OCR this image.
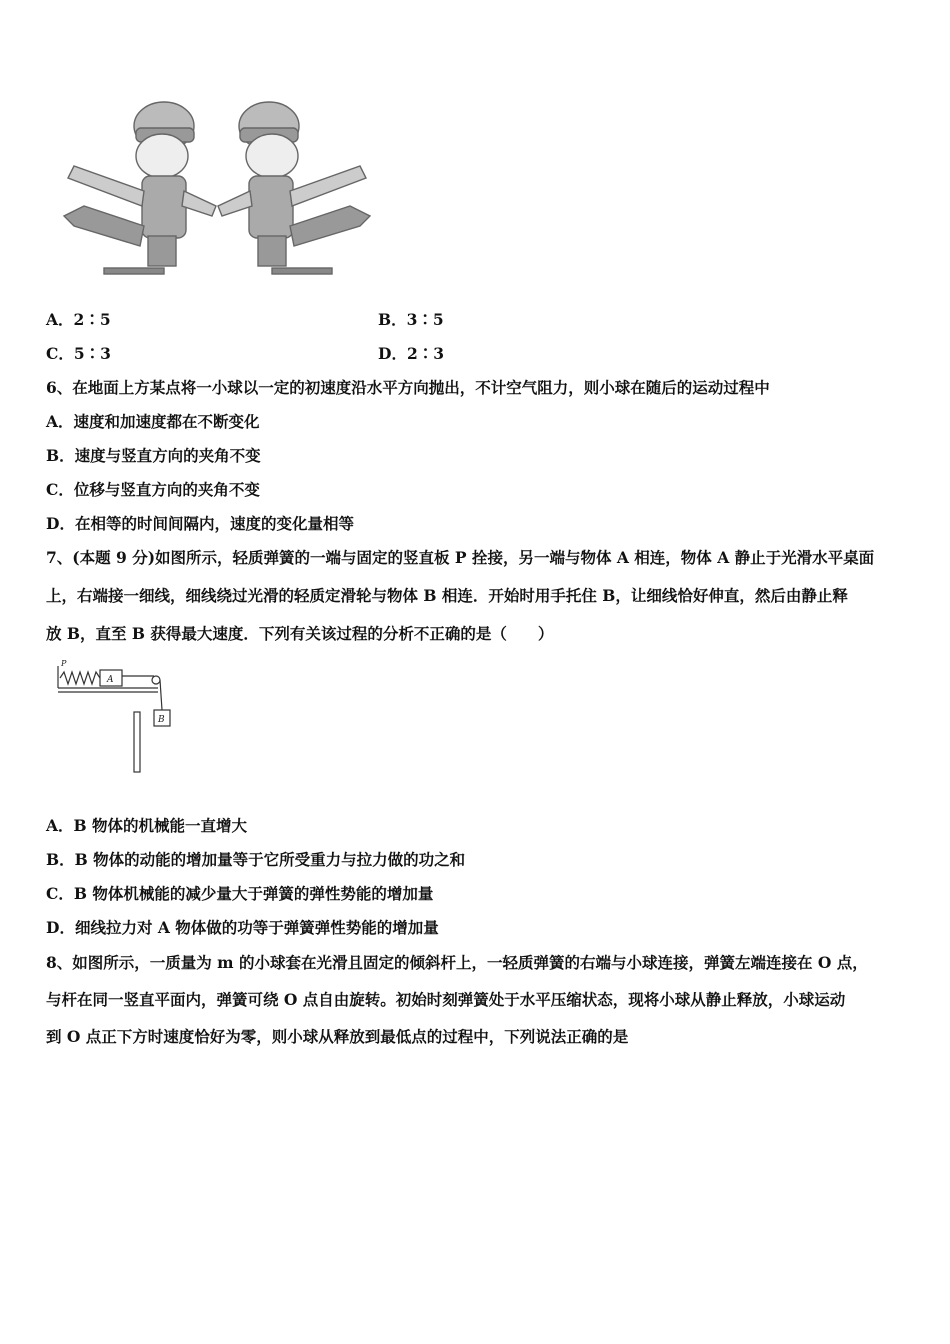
A．2∶5	B．3∶5
C．5∶3	D．2∶3
6、在地面上方某点将一小球以一定的初速度沿水平方向抛出，不计空气阻力，则小球在随后的运动过程中
A．速度和加速度都在不断变化
B．速度与竖直方向的夹角不变
C．位移与竖直方向的夹角不变
D．在相等的时间间隔内，速度的变化量相等
7、(本题 9 分)如图所示，轻质弹簧的一端与固定的竖直板 P 拴接，另一端与物体 A 相连，物体 A 静止于光滑水平桌面
上，右端接一细线，细线绕过光滑的轻质定滑轮与物体 B 相连．开始时用手托住 B，让细线恰好伸直，然后由静止释
放 B，直至 B 获得最大速度．下列有关该过程的分析不正确的是（　　）
P
A
B
A．B 物体的机械能一直增大
B．B 物体的动能的增加量等于它所受重力与拉力做的功之和
C．B 物体机械能的减少量大于弹簧的弹性势能的增加量
D．细线拉力对 A 物体做的功等于弹簧弹性势能的增加量
8、如图所示，一质量为 m 的小球套在光滑且固定的倾斜杆上，一轻质弹簧的右端与小球连接，弹簧左端连接在 O 点，
与杆在同一竖直平面内，弹簧可绕 O 点自由旋转。初始时刻弹簧处于水平压缩状态，现将小球从静止释放，小球运动
到 O 点正下方时速度恰好为零，则小球从释放到最低点的过程中，下列说法正确的是
